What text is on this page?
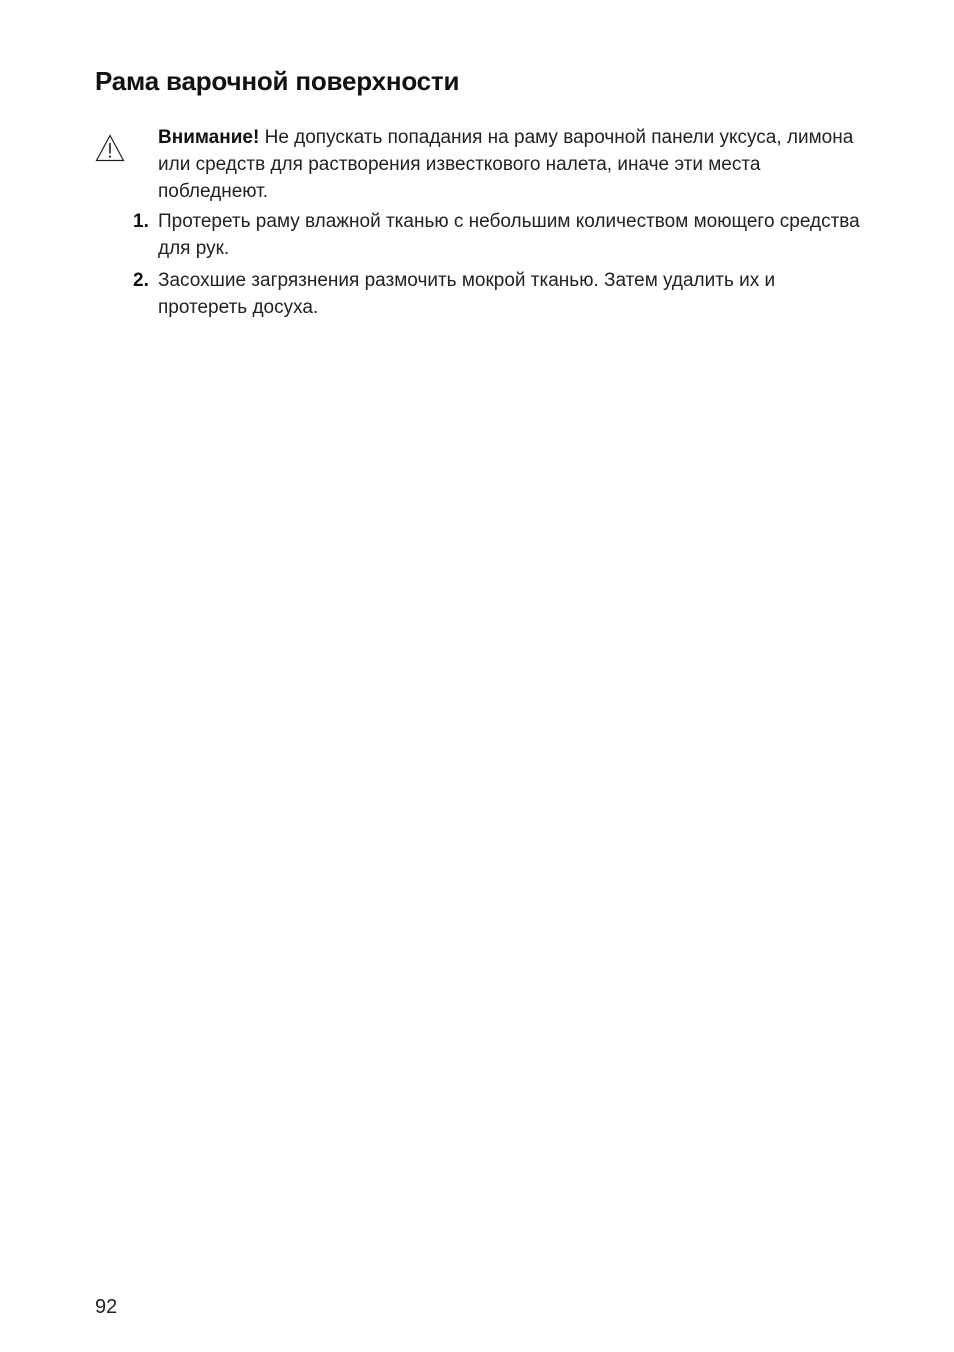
Рама варочной поверхности
Внимание! Не допускать попадания на раму варочной панели уксуса, лимона или средств для растворения известкового налета, иначе эти места побледнеют.
1. Протереть раму влажной тканью с небольшим количеством моющего средства для рук.
2. Засохшие загрязнения размочить мокрой тканью. Затем удалить их и протереть досуха.
92
